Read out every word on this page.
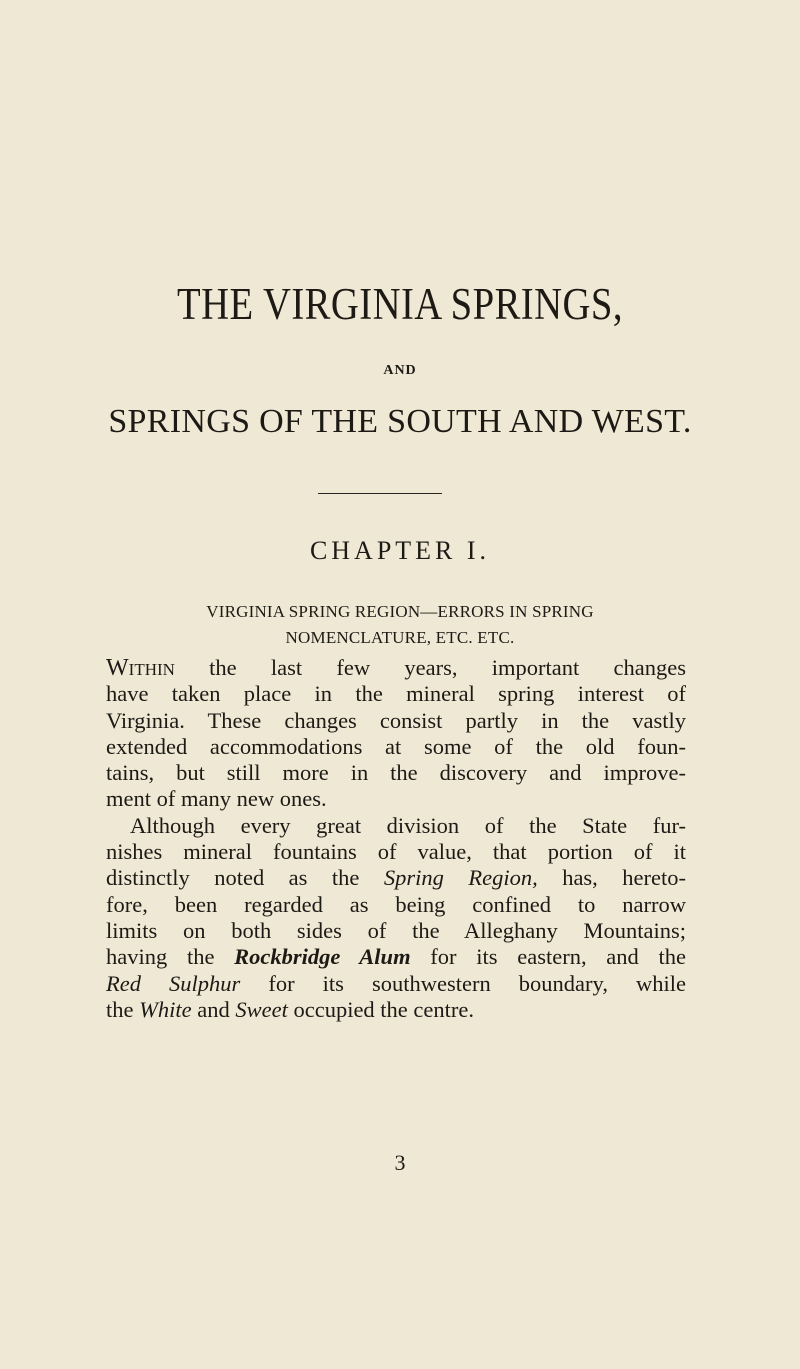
THE VIRGINIA SPRINGS,
AND
SPRINGS OF THE SOUTH AND WEST.
CHAPTER I.
VIRGINIA SPRING REGION—ERRORS IN SPRING
NOMENCLATURE, ETC. ETC.

Within the last few years, important changes
have taken place in the mineral spring interest of
Virginia. These changes consist partly in the vastly
extended accommodations at some of the old foun-
tains, but still more in the discovery and improve-
ment of many new ones.

Although every great division of the State fur-
nishes mineral fountains of value, that portion of it
distinctly noted as the Spring Region, has, hereto-
fore, been regarded as being confined to narrow
limits on both sides of the Alleghany Mountains;
having the Rockbridge Alum for its eastern, and the
Red Sulphur for its southwestern boundary, while
the White and Sweet occupied the centre.

3
